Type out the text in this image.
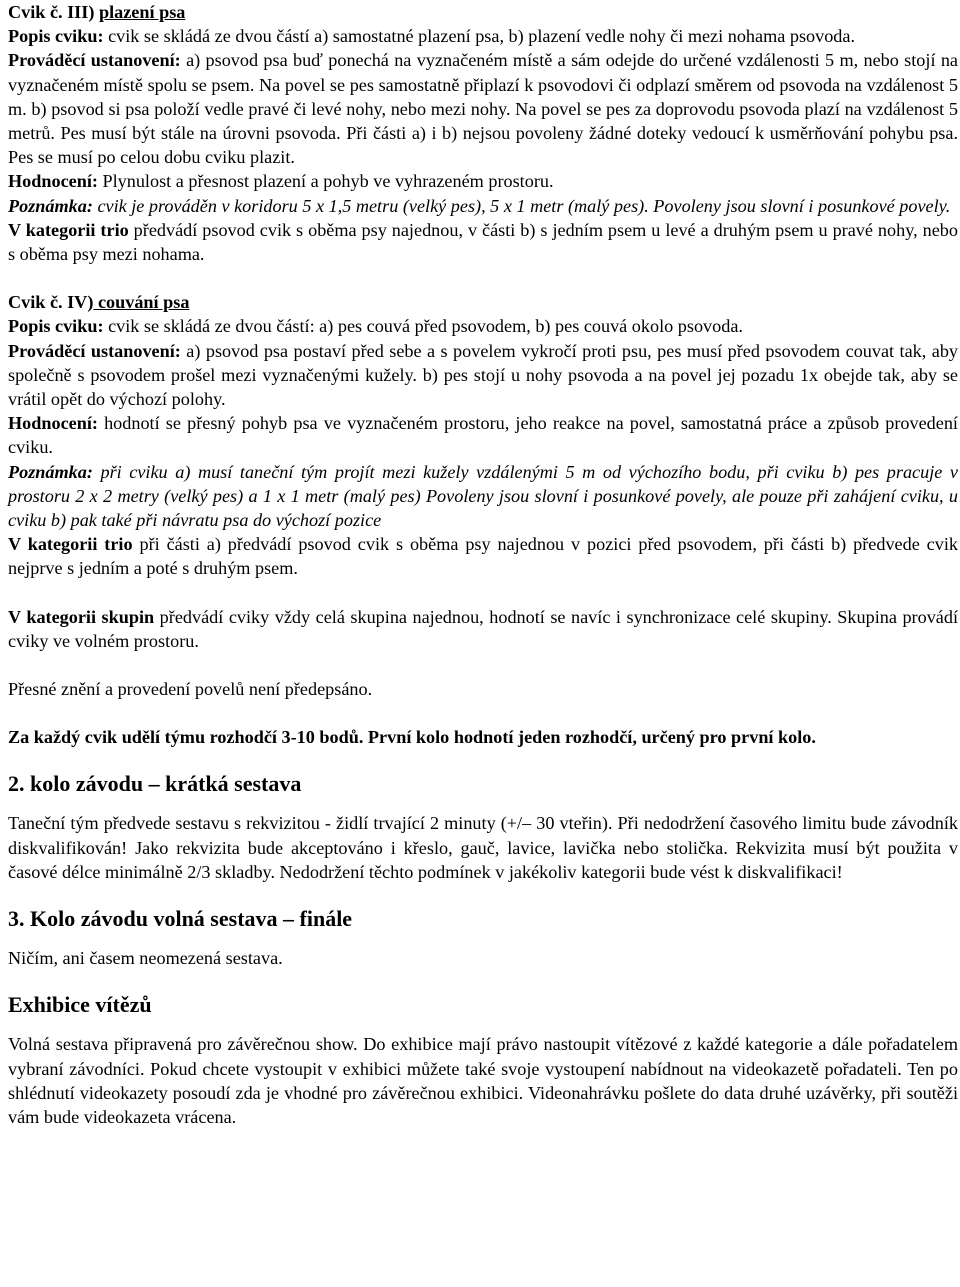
Cvik č. III) plazení psa

Popis cviku: cvik se skládá ze dvou částí a) samostatné plazení psa, b) plazení vedle nohy či mezi nohama psovoda.

Prováděcí ustanovení: a) psovod psa buď ponechá na vyznačeném místě a sám odejde do určené vzdálenosti 5 m, nebo stojí na vyznačeném místě spolu se psem. Na povel se pes samostatně připlazí k psovodovi či odplazí směrem od psovoda na vzdálenost 5 m. b) psovod si psa položí vedle pravé či levé nohy, nebo mezi nohy. Na povel se pes za doprovodu psovoda plazí na vzdálenost 5 metrů. Pes musí být stále na úrovni psovoda. Při části a) i b) nejsou povoleny žádné doteky vedoucí k usměrňování pohybu psa. Pes se musí po celou dobu cviku plazit.

Hodnocení: Plynulost a přesnost plazení a pohyb ve vyhrazeném prostoru.

Poznámka: cvik je prováděn v koridoru 5 x 1,5 metru (velký pes), 5 x 1 metr (malý pes). Povoleny jsou slovní i posunkové povely.

V kategorii trio předvádí psovod cvik s oběma psy najednou, v části b) s jedním psem u levé a druhým psem u pravé nohy, nebo s oběma psy mezi nohama.

Cvik č. IV) couvání psa

Popis cviku: cvik se skládá ze dvou částí: a) pes couvá před psovodem, b) pes couvá okolo psovoda.

Prováděcí ustanovení: a) psovod psa postaví před sebe a s povelem vykročí proti psu, pes musí před psovodem couvat tak, aby společně s psovodem prošel mezi vyznačenými kužely. b) pes stojí u nohy psovoda a na povel jej pozadu 1x obejde tak, aby se vrátil opět do výchozí polohy.

Hodnocení: hodnotí se přesný pohyb psa ve vyznačeném prostoru, jeho reakce na povel, samostatná práce a způsob provedení cviku.

Poznámka: při cviku a) musí taneční tým projít mezi kužely vzdálenými 5 m od výchozího bodu, při cviku b) pes pracuje v prostoru 2 x 2 metry (velký pes) a 1 x 1 metr (malý pes) Povoleny jsou slovní i posunkové povely, ale pouze při zahájení cviku, u cviku b) pak také při návratu psa do výchozí pozice

V kategorii trio při části a) předvádí psovod cvik s oběma psy najednou v pozici před psovodem, při části b) předvede cvik nejprve s jedním a poté s druhým psem.

V kategorii skupin předvádí cviky vždy celá skupina najednou, hodnotí se navíc i synchronizace celé skupiny. Skupina provádí cviky ve volném prostoru.

Přesné znění a provedení povelů není předepsáno.

Za každý cvik udělí týmu rozhodčí 3-10 bodů. První kolo hodnotí jeden rozhodčí, určený pro první kolo.

2. kolo závodu – krátká sestava

Taneční tým předvede sestavu s rekvizitou - židlí trvající 2 minuty (+/– 30 vteřin). Při nedodržení časového limitu bude závodník diskvalifikován! Jako rekvizita bude akceptováno i křeslo, gauč, lavice, lavička nebo stolička. Rekvizita musí být použita v časové délce minimálně 2/3 skladby. Nedodržení těchto podmínek v jakékoliv kategorii bude vést k diskvalifikaci!

3. Kolo závodu volná sestava – finále

Ničím, ani časem neomezená sestava.

Exhibice vítězů

Volná sestava připravená pro závěrečnou show. Do exhibice mají právo nastoupit vítězové z každé kategorie a dále pořadatelem vybraní závodníci. Pokud chcete vystoupit v exhibici můžete také svoje vystoupení nabídnout na videokazetě pořadateli. Ten po shlédnutí videokazety posoudí zda je vhodné pro závěrečnou exhibici. Videonahrávku pošlete do data druhé uzávěrky, při soutěži vám bude videokazeta vrácena.
